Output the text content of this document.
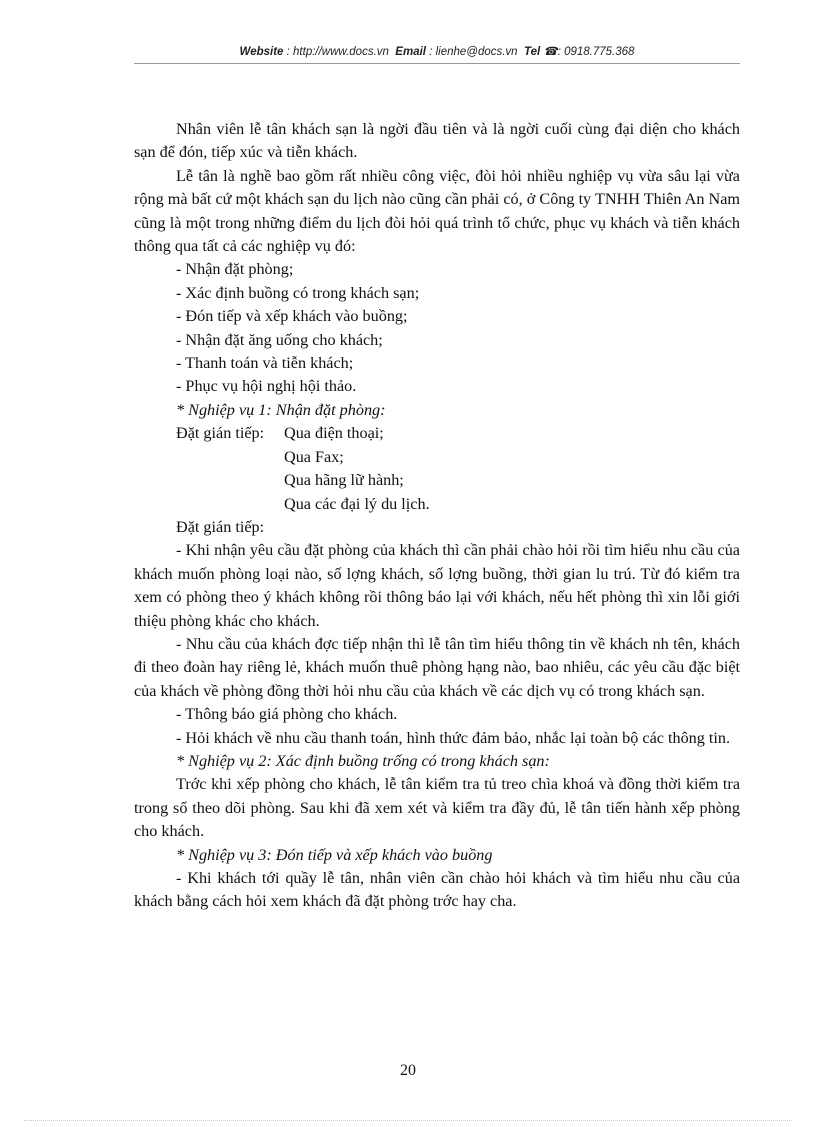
Website : http://www.docs.vn Email : lienhe@docs.vn Tel ☎: 0918.775.368

Nhân viên lễ tân khách sạn là ngời đầu tiên và là ngời cuối cùng đại diện cho khách sạn để đón, tiếp xúc và tiễn khách.

Lễ tân là nghề bao gồm rất nhiều công việc, đòi hỏi nhiều nghiệp vụ vừa sâu lại vừa rộng mà bất cứ một khách sạn du lịch nào cũng cần phải có, ở Công ty TNHH Thiên An Nam cũng là một trong những điểm du lịch đòi hỏi quá trình tổ chức, phục vụ khách và tiễn khách thông qua tất cả các nghiệp vụ đó:

- Nhận đặt phòng;

- Xác định buồng có trong khách sạn;

- Đón tiếp và xếp khách vào buồng;

- Nhận đặt ăng uống cho khách;

- Thanh toán và tiễn khách;

- Phục vụ hội nghị hội thảo.

* Nghiệp vụ 1: Nhận đặt phòng:

Đặt gián tiếp:	Qua điện thoại;
Qua Fax;
Qua hãng lữ hành;
Qua các đại lý du lịch.

Đặt gián tiếp:

- Khi nhận yêu cầu đặt phòng của khách thì cần phải chào hỏi rồi tìm hiểu nhu cầu của khách muốn phòng loại nào, số lợng khách, số lợng buồng, thời gian lu trú. Từ đó kiểm tra xem có phòng theo ý khách không rồi thông báo lại với khách, nếu hết phòng thì xin lỗi giới thiệu phòng khác cho khách.

- Nhu cầu của khách đợc tiếp nhận thì lễ tân tìm hiểu thông tin về khách nh tên, khách đi theo đoàn hay riêng lẻ, khách muốn thuê phòng hạng nào, bao nhiêu, các yêu cầu đặc biệt của khách về phòng đồng thời hỏi nhu cầu của khách về các dịch vụ có trong khách sạn.

- Thông báo giá phòng cho khách.

- Hỏi khách về nhu cầu thanh toán, hình thức đảm bảo, nhắc lại toàn bộ các thông tin.

* Nghiệp vụ 2: Xác định buồng trống có trong khách sạn:

Trớc khi xếp phòng cho khách, lễ tân kiểm tra tủ treo chìa khoá và đồng thời kiểm tra trong sổ theo dõi phòng. Sau khi đã xem xét và kiểm tra đầy đủ, lễ tân tiến hành xếp phòng cho khách.

* Nghiệp vụ 3: Đón tiếp và xếp khách vào buồng

- Khi khách tới quầy lễ tân, nhân viên cần chào hỏi khách và tìm hiểu nhu cầu của khách bằng cách hỏi xem khách đã đặt phòng trớc hay cha.

20
